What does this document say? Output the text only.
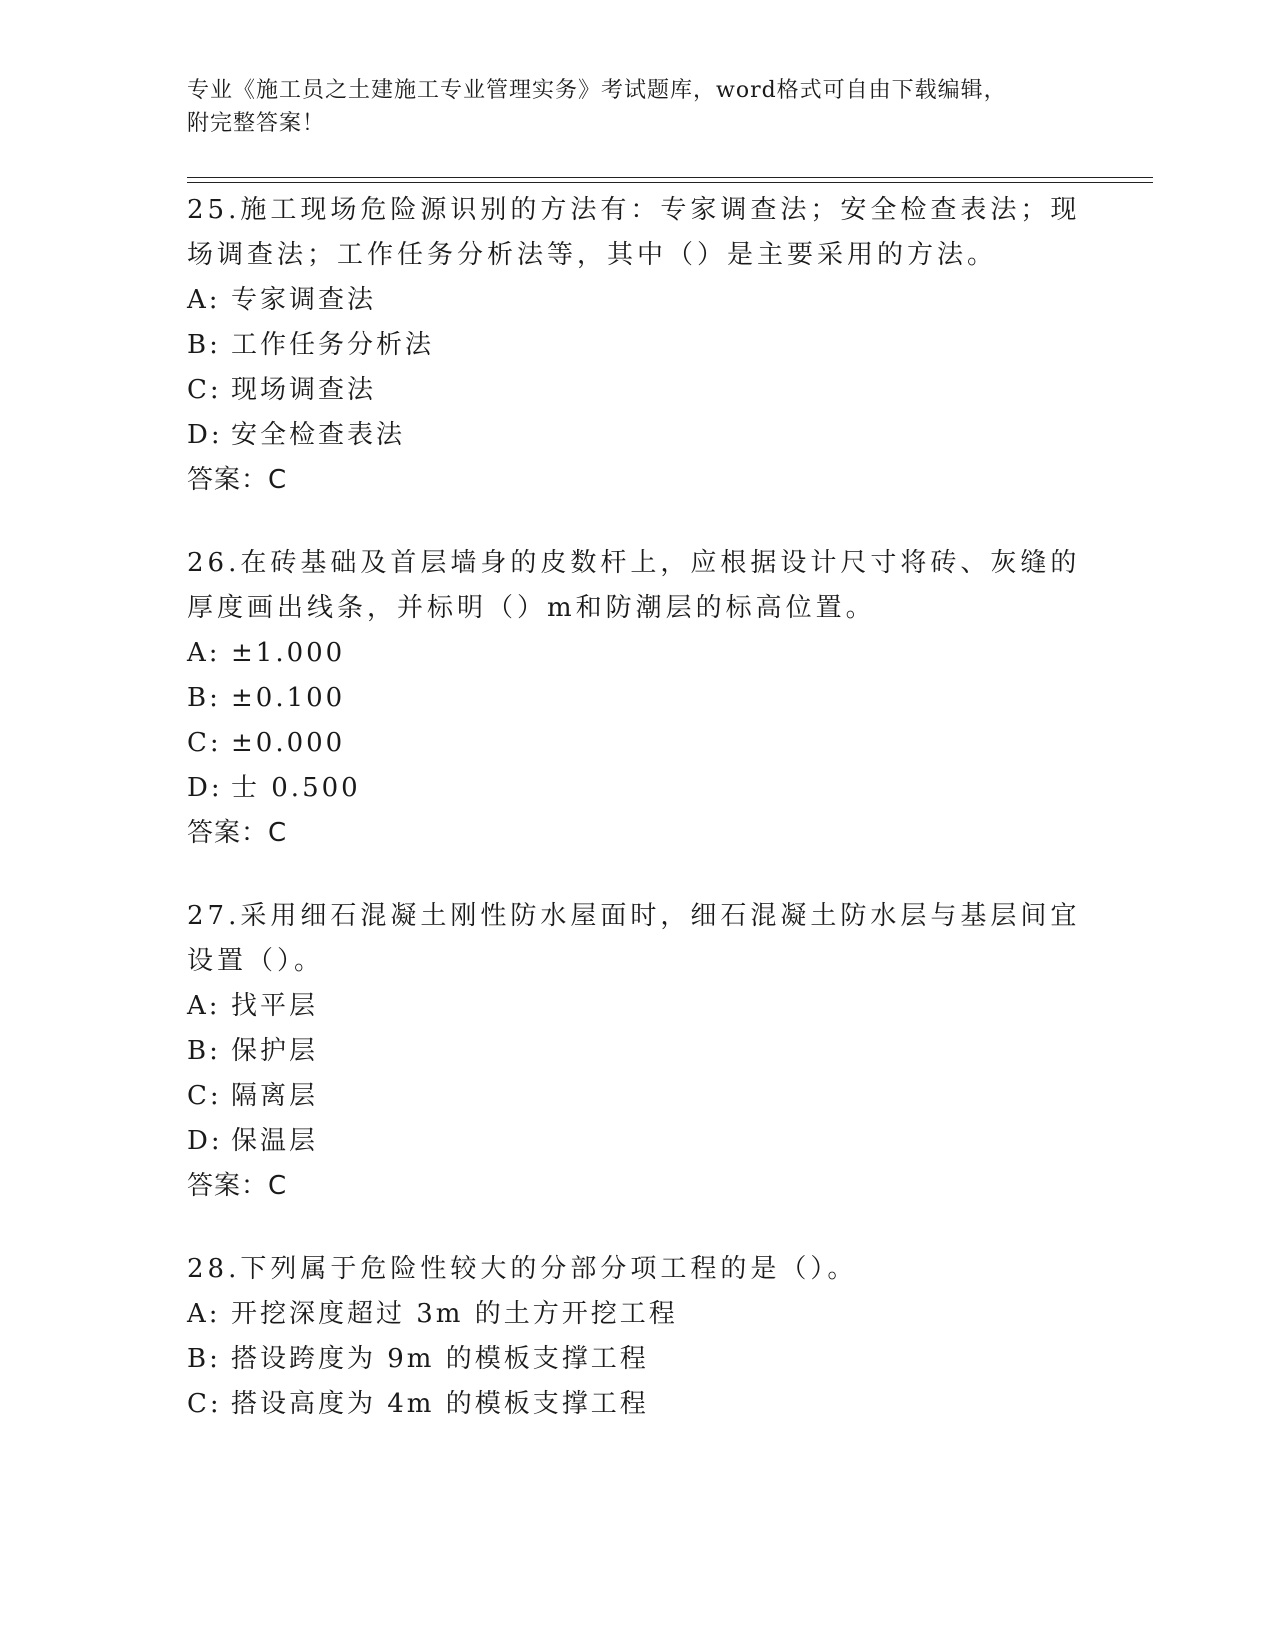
专业《施工员之土建施工专业管理实务》考试题库，word格式可自由下载编辑，
附完整答案！

25.施工现场危险源识别的方法有：专家调查法；安全检查表法；现场调查法；工作任务分析法等，其中（）是主要采用的方法。

A: 专家调查法
B: 工作任务分析法
C: 现场调查法
D: 安全检查表法
答案：C

26.在砖基础及首层墙身的皮数杆上，应根据设计尺寸将砖、灰缝的厚度画出线条，并标明（）m和防潮层的标高位置。

A: ±1.000
B: ±0.100
C: ±0.000
D: 士 0.500
答案：C

27.采用细石混凝土刚性防水屋面时，细石混凝土防水层与基层间宜设置（）。

A: 找平层
B: 保护层
C: 隔离层
D: 保温层
答案：C

28.下列属于危险性较大的分部分项工程的是（）。

A: 开挖深度超过 3m 的土方开挖工程
B: 搭设跨度为 9m 的模板支撑工程
C: 搭设高度为 4m 的模板支撑工程
